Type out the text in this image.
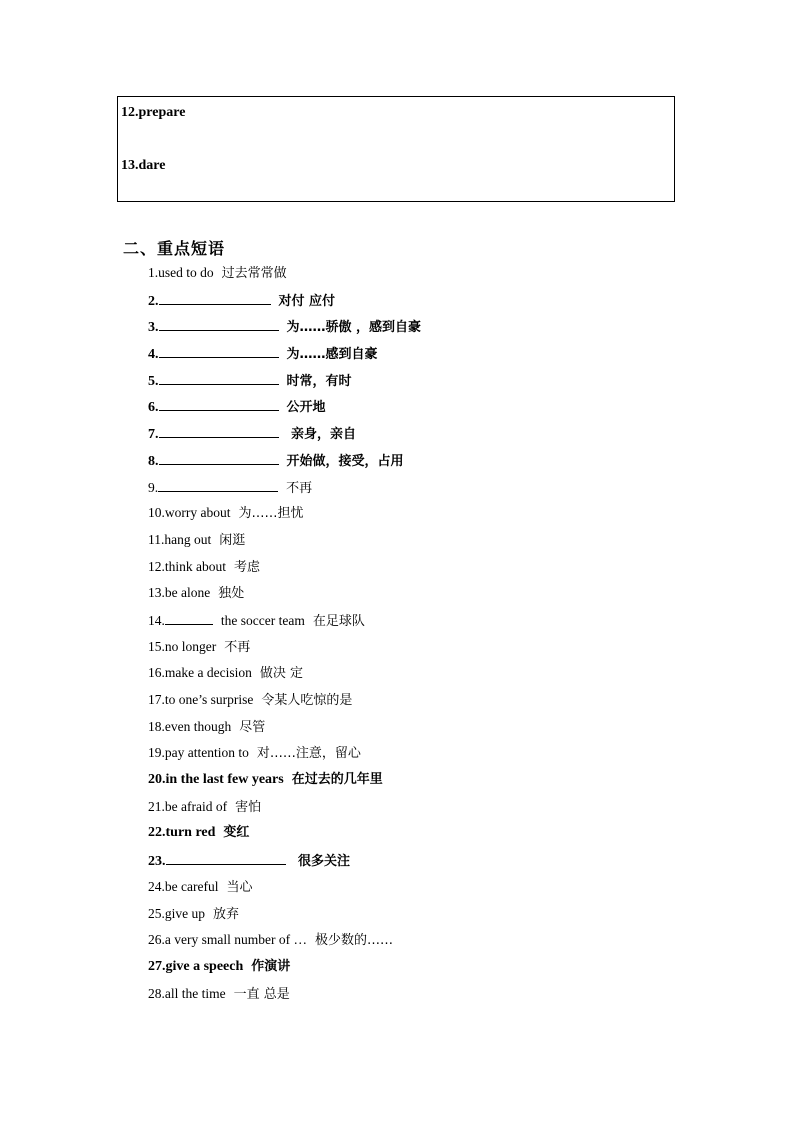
12.prepare
13.dare
二、重点短语
1.used to do 过去常常做
2.	对付 应付
3.	为……骄傲 ，感到自豪
4.	为……感到自豪
5.	时常，有时
6.	公开地
7.	亲身，亲自
8.	开始做，接受，占用
9.	不再
10.worry about 为……担忧
11.hang out 闲逛
12.think about 考虑
13.be alone 独处
14.	the soccer team 在足球队
15.no longer 不再
16.make a decision 做决 定
17.to one’s surprise 令某人吃惊的是
18.even though 尽管
19.pay attention to 对……注意，留心
20.in the last few years 在过去的几年里
21.be afraid of 害怕
22.turn red 变红
23.	很多关注
24.be careful 当心
25.give up 放弃
26.a very small number of … 极少数的……
27.give a speech 作演讲
28.all the time 一直 总是
